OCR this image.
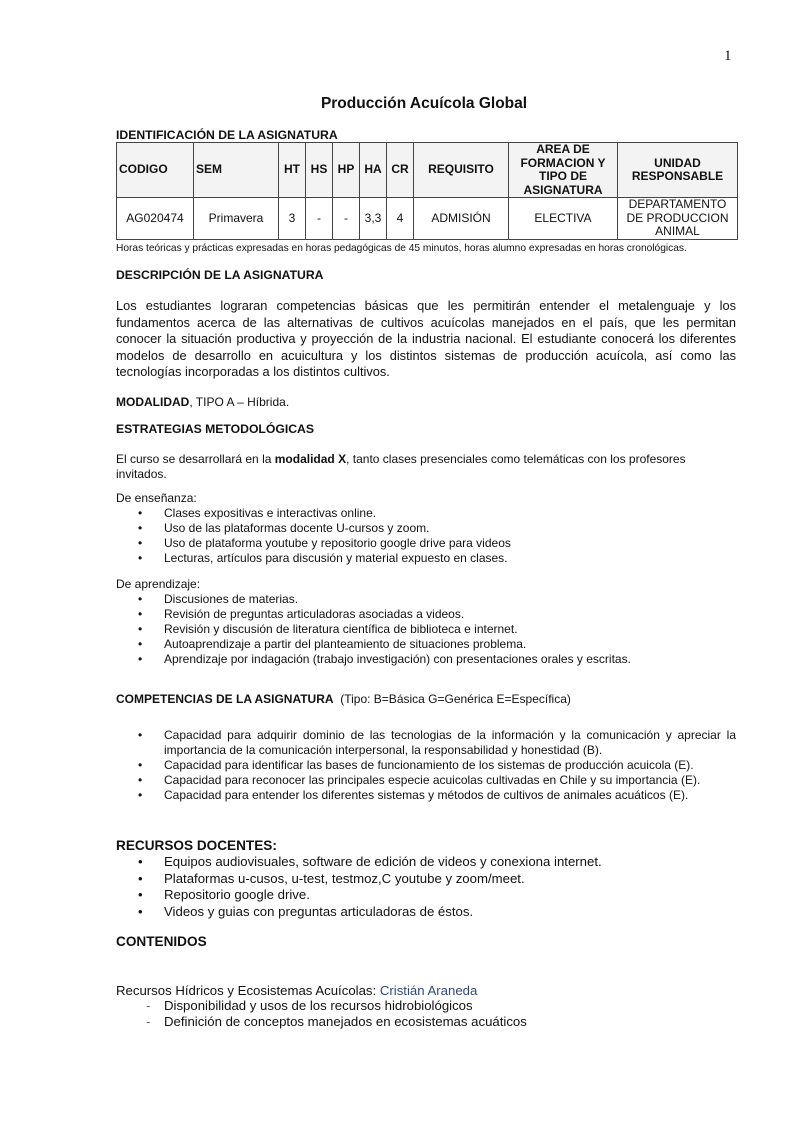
1
Producción Acuícola Global
IDENTIFICACIÓN DE LA ASIGNATURA
CODIGO	SEM	HT	HS	HP	HA	CR	REQUISITO	AREA DE FORMACION Y TIPO DE ASIGNATURA	UNIDAD RESPONSABLE
AG020474	Primavera	3	-	-	3,3	4	ADMISIÓN	ELECTIVA	DEPARTAMENTO DE PRODUCCION ANIMAL
Horas teóricas y prácticas expresadas en horas pedagógicas de 45 minutos, horas alumno expresadas en horas cronológicas.
DESCRIPCIÓN DE LA ASIGNATURA
Los estudiantes lograran competencias básicas que les permitirán entender el metalenguaje y los fundamentos acerca de las alternativas de cultivos acuícolas manejados en el país, que les permitan conocer la situación productiva y proyección de la industria nacional. El estudiante conocerá los diferentes modelos de desarrollo en acuicultura y los distintos sistemas de producción acuícola, así como las tecnologías incorporadas a los distintos cultivos.
MODALIDAD, TIPO A – Híbrida.
ESTRATEGIAS METODOLÓGICAS
El curso se desarrollará en la modalidad X, tanto clases presenciales como telemáticas con los profesores invitados.
De enseñanza:
• Clases expositivas e interactivas online.
• Uso de las plataformas docente U-cursos y zoom.
• Uso de plataforma youtube y repositorio google drive para videos
• Lecturas, artículos para discusión y material expuesto en clases.
De aprendizaje:
• Discusiones de materias.
• Revisión de preguntas articuladoras asociadas a videos.
• Revisión y discusión de literatura científica de biblioteca e internet.
• Autoaprendizaje a partir del planteamiento de situaciones problema.
• Aprendizaje por indagación (trabajo investigación) con presentaciones orales y escritas.
COMPETENCIAS DE LA ASIGNATURA (Tipo: B=Básica G=Genérica E=Específica)
• Capacidad para adquirir dominio de las tecnologias de la información y la comunicación y apreciar la importancia de la comunicación interpersonal, la responsabilidad y honestidad (B).
• Capacidad para identificar las bases de funcionamiento de los sistemas de producción acuicola (E).
• Capacidad para reconocer las principales especie acuicolas cultivadas en Chile y su importancia (E).
• Capacidad para entender los diferentes sistemas y métodos de cultivos de animales acuáticos (E).
RECURSOS DOCENTES:
• Equipos audiovisuales, software de edición de videos y conexiona internet.
• Plataformas u-cusos, u-test, testmoz,C youtube y zoom/meet.
• Repositorio google drive.
• Videos y guias con preguntas articuladoras de éstos.
CONTENIDOS
Recursos Hídricos y Ecosistemas Acuícolas: Cristián Araneda
- Disponibilidad y usos de los recursos hidrobiológicos
- Definición de conceptos manejados en ecosistemas acuáticos
